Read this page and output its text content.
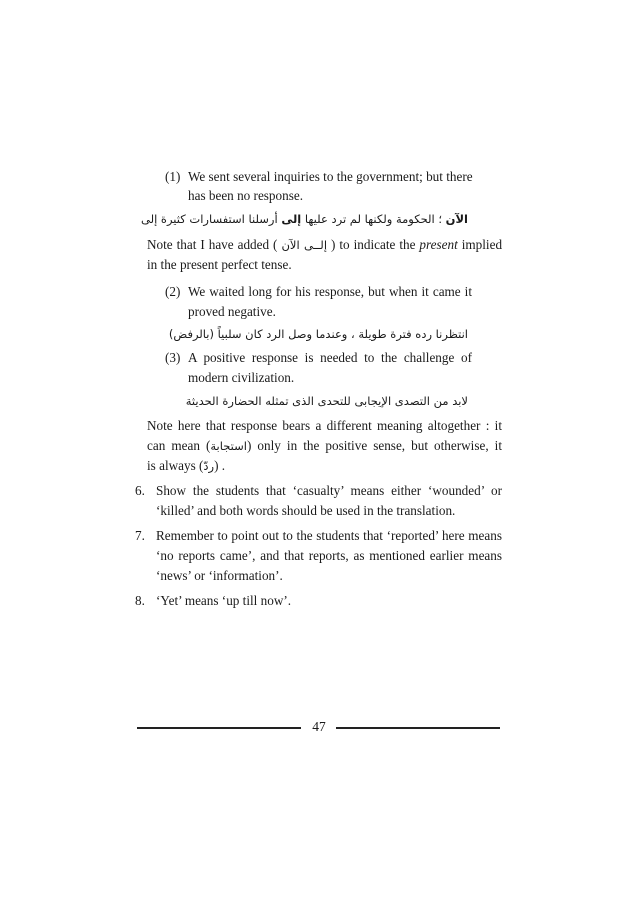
(1) We sent several inquiries to the government; but there
has been no response.
الآن ؛ الحكومة ولكنها لم ترد عليها إلى أرسلنا استفسارات كثيرة إلى
Note that I have added ( إلــى الآن ) to indicate the present implied
in the present perfect tense.
(2) We waited long for his response, but when it came it
proved negative.
انتظرنا رده فترة طويلة ، وعندما وصل الرد كان سلبياً (بالرفض)
(3) A positive response is needed to the challenge of
modern civilization.
لابد من التصدى الإيجابى للتحدى الذى تمثله الحضارة الحديثة
Note here that response bears a different meaning altogether : it
can mean (استجابة) only in the positive sense, but otherwise, it
is always (ردّ) .
6. Show the students that ‘casualty’ means either ‘wounded’ or
‘killed’ and both words should be used in the translation.
7. Remember to point out to the students that ‘reported’ here means
‘no reports came’, and that reports, as mentioned earlier means
‘news’ or ‘information’.
8. ‘Yet’ means ‘up till now’.
47
